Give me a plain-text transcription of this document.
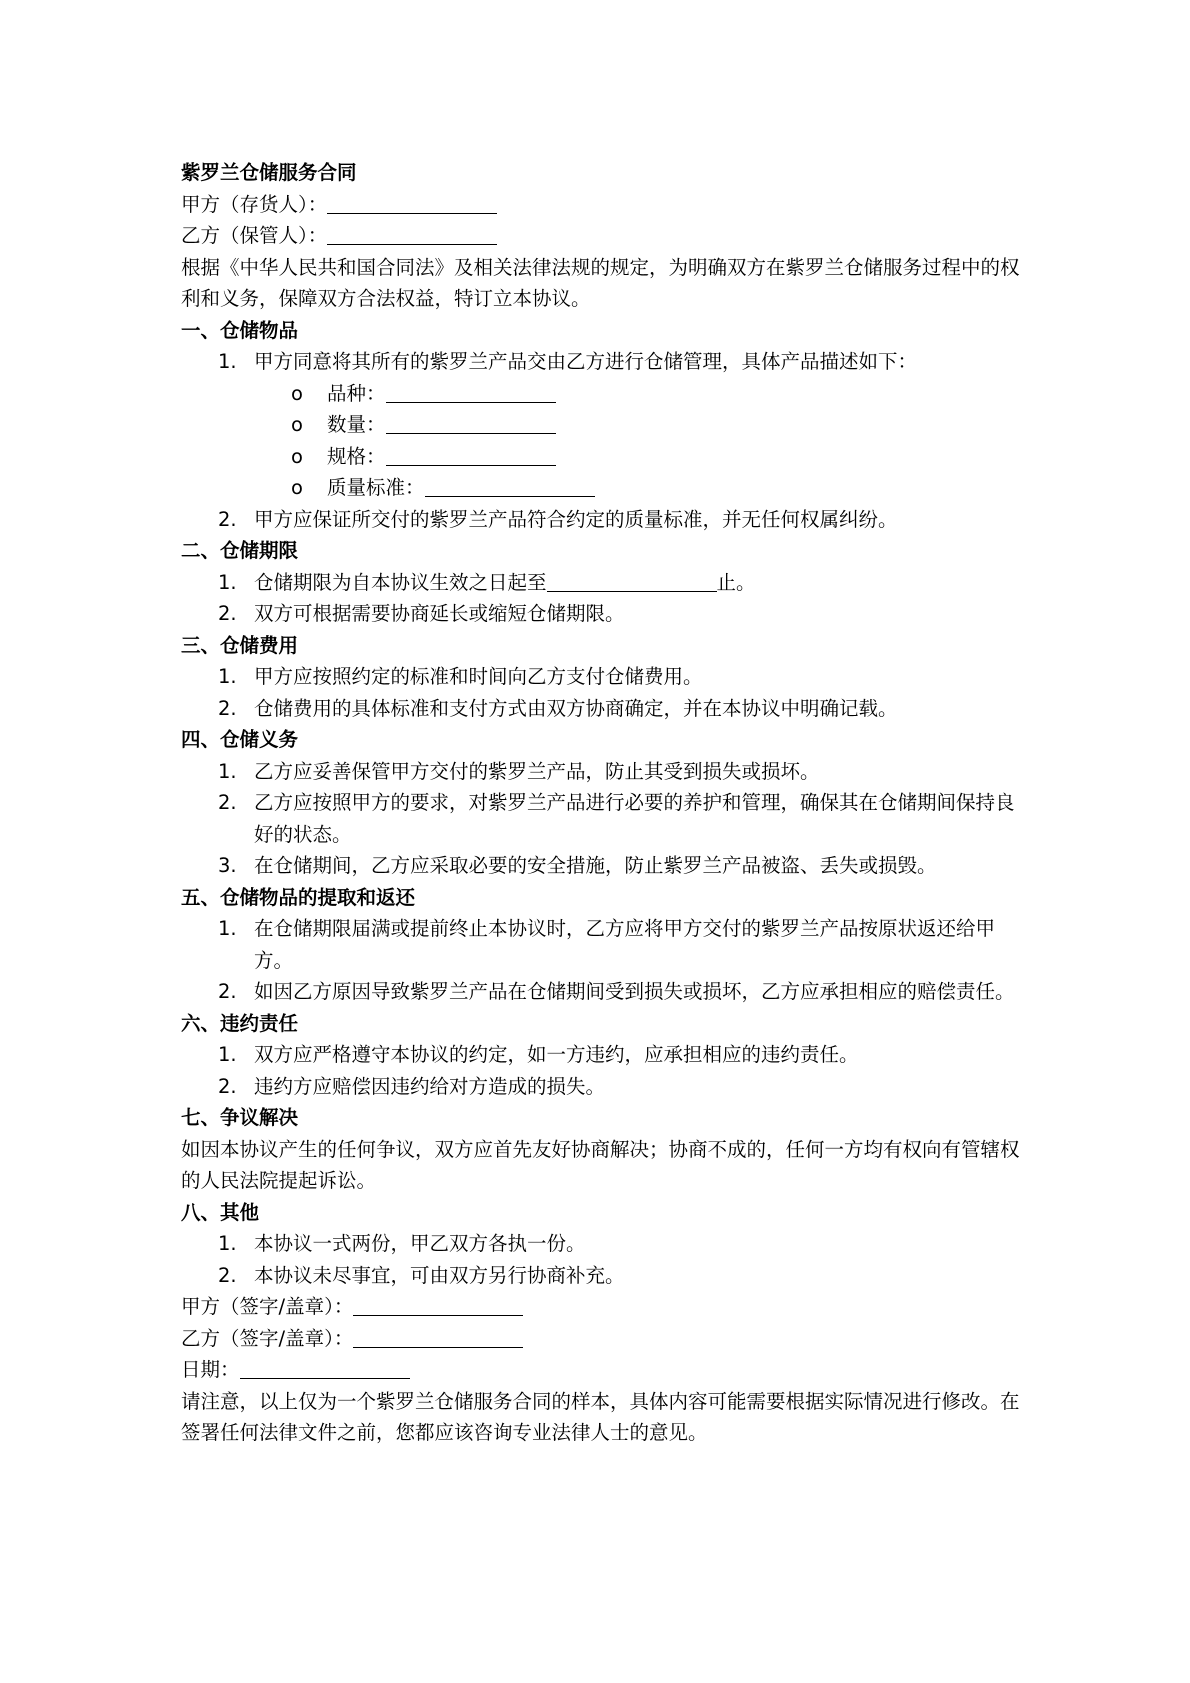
紫罗兰仓储服务合同
甲方（存货人）：
乙方（保管人）：
根据《中华人民共和国合同法》及相关法律法规的规定，为明确双方在紫罗兰仓储服务过程中的权利和义务，保障双方合法权益，特订立本协议。
一、仓储物品
1. 甲方同意将其所有的紫罗兰产品交由乙方进行仓储管理，具体产品描述如下：
o 品种：
o 数量：
o 规格：
o 质量标准：
2. 甲方应保证所交付的紫罗兰产品符合约定的质量标准，并无任何权属纠纷。
二、仓储期限
1. 仓储期限为自本协议生效之日起至	止。
2. 双方可根据需要协商延长或缩短仓储期限。
三、仓储费用
1. 甲方应按照约定的标准和时间向乙方支付仓储费用。
2. 仓储费用的具体标准和支付方式由双方协商确定，并在本协议中明确记载。
四、仓储义务
1. 乙方应妥善保管甲方交付的紫罗兰产品，防止其受到损失或损坏。
2. 乙方应按照甲方的要求，对紫罗兰产品进行必要的养护和管理，确保其在仓储期间保持良好的状态。
3. 在仓储期间，乙方应采取必要的安全措施，防止紫罗兰产品被盗、丢失或损毁。
五、仓储物品的提取和返还
1. 在仓储期限届满或提前终止本协议时，乙方应将甲方交付的紫罗兰产品按原状返还给甲方。
2. 如因乙方原因导致紫罗兰产品在仓储期间受到损失或损坏，乙方应承担相应的赔偿责任。
六、违约责任
1. 双方应严格遵守本协议的约定，如一方违约，应承担相应的违约责任。
2. 违约方应赔偿因违约给对方造成的损失。
七、争议解决
如因本协议产生的任何争议，双方应首先友好协商解决；协商不成的，任何一方均有权向有管辖权的人民法院提起诉讼。
八、其他
1. 本协议一式两份，甲乙双方各执一份。
2. 本协议未尽事宜，可由双方另行协商补充。
甲方（签字/盖章）：
乙方（签字/盖章）：
日期：
请注意，以上仅为一个紫罗兰仓储服务合同的样本，具体内容可能需要根据实际情况进行修改。在签署任何法律文件之前，您都应该咨询专业法律人士的意见。
